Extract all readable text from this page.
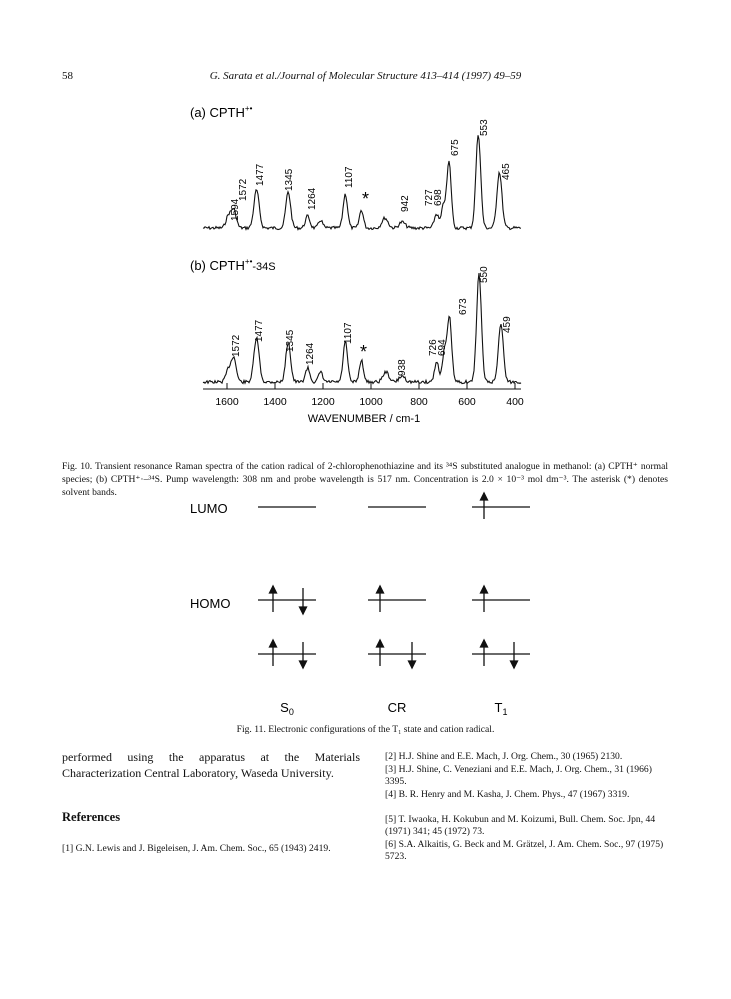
58	G. Sarata et al./Journal of Molecular Structure 413–414 (1997) 49–59
(a) CPTH+•
(b) $CPTH^{+•}_{-34S}$
1594
1572
1477 1345
1264
1107
942 727
698
675
553
465
1572
1477 1345
1264
1107
938
726
694
673
550
459
*
*
1600 1400 1200 1000	800	600	400
WAVENUMBER / cm-1
Fig. 10. Transient resonance Raman spectra of the cation radical of 2-chlorophenothiazine and its ³⁴S substituted analogue in methanol: (a) CPTH⁺ normal species; (b) CPTH⁺·–³⁴S. Pump wavelength: 308 nm and probe wavelength is 517 nm. Concentration is 2.0 × 10⁻³ mol dm⁻³. The asterisk (*) denotes solvent bands.
LUMO
HOMO
$S_0$	CR	$T_1$
Fig. 11. Electronic configurations of the T₁ state and cation radical.
performed using the apparatus at the Materials Characterization Central Laboratory, Waseda University.
References
[1] G.N. Lewis and J. Bigeleisen, J. Am. Chem. Soc., 65 (1943) 2419.
[2] H.J. Shine and E.E. Mach, J. Org. Chem., 30 (1965) 2130.
[3] H.J. Shine, C. Veneziani and E.E. Mach, J. Org. Chem., 31 (1966) 3395.
[4] B. R. Henry and M. Kasha, J. Chem. Phys., 47 (1967) 3319.
[5] T. Iwaoka, H. Kokubun and M. Koizumi, Bull. Chem. Soc. Jpn, 44 (1971) 341; 45 (1972) 73.
[6] S.A. Alkaitis, G. Beck and M. Grätzel, J. Am. Chem. Soc., 97 (1975) 5723.
